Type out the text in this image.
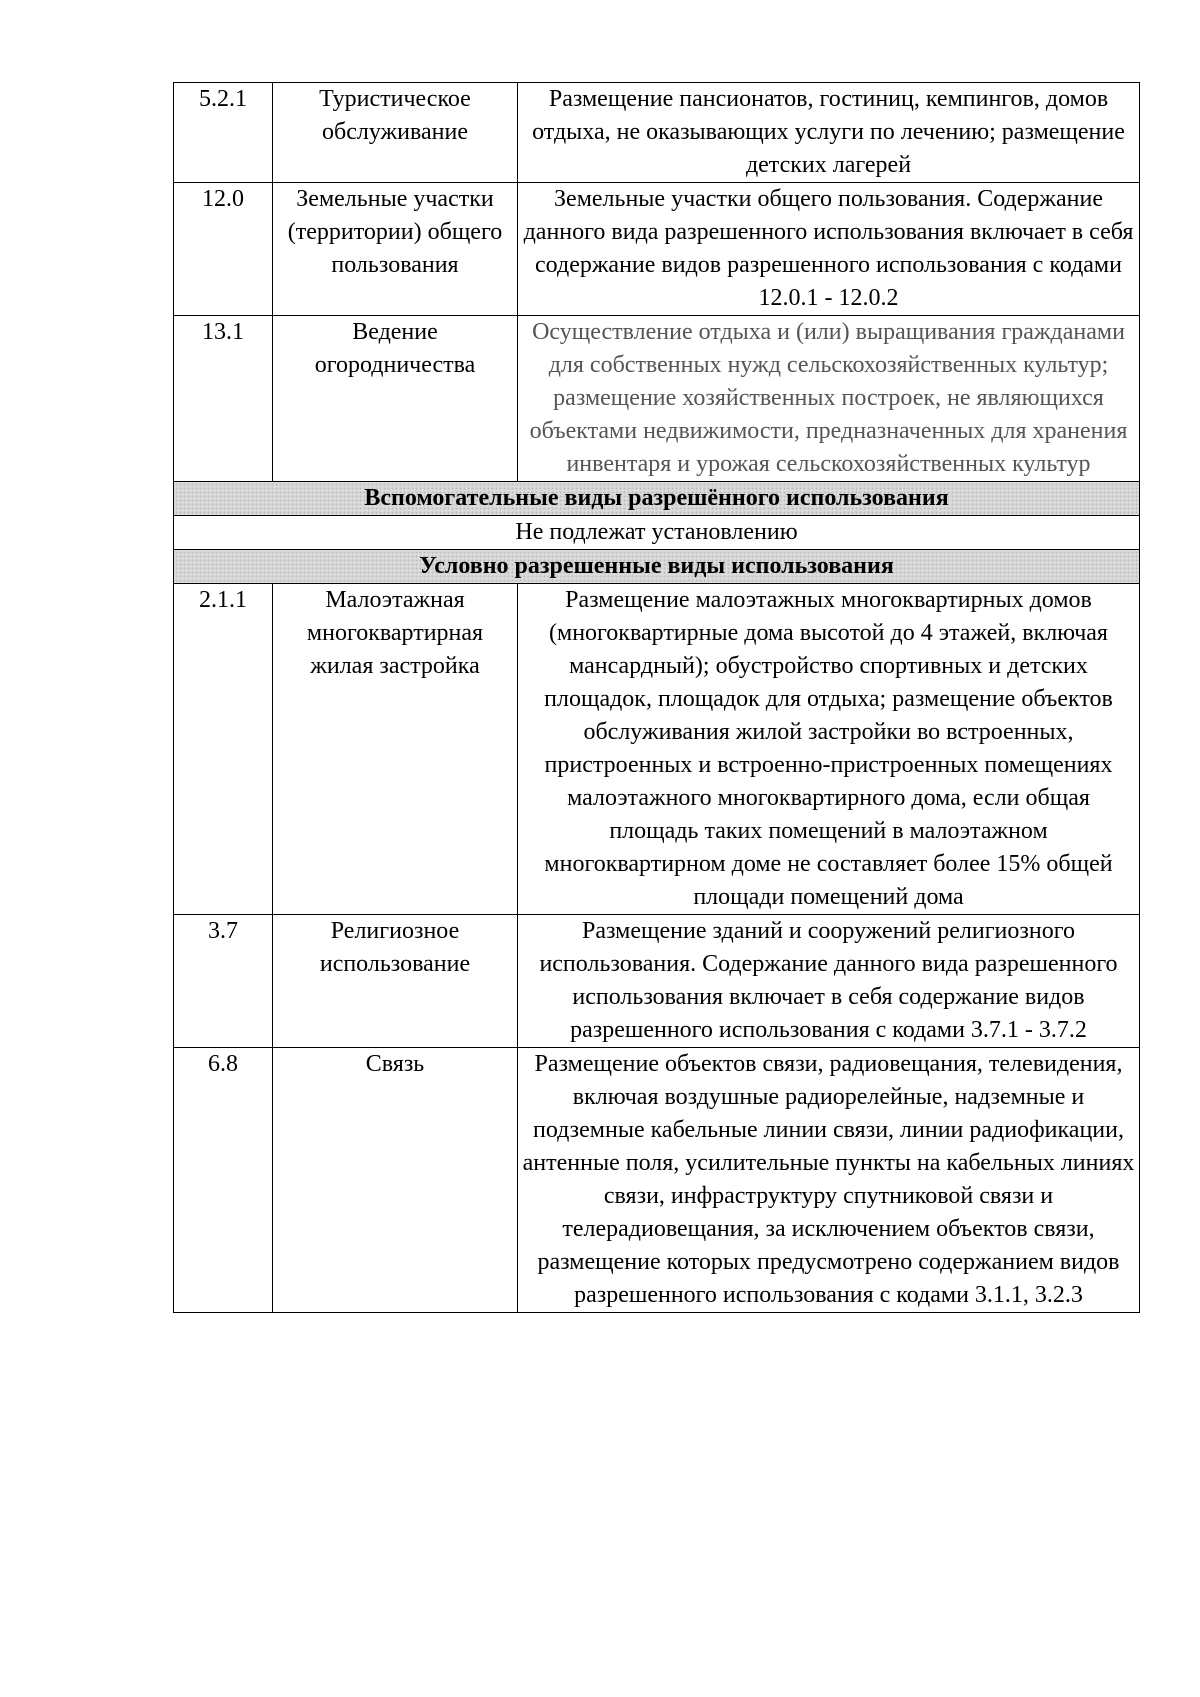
5.2.1	Туристическое обслуживание	Размещение пансионатов, гостиниц, кемпингов, домов отдыха, не оказывающих услуги по лечению; размещение детских лагерей
12.0	Земельные участки (территории) общего пользования	Земельные участки общего пользования. Содержание данного вида разрешенного использования включает в себя содержание видов разрешенного использования с кодами 12.0.1 - 12.0.2
13.1	Ведение огородничества	Осуществление отдыха и (или) выращивания гражданами для собственных нужд сельскохозяйственных культур; размещение хозяйственных построек, не являющихся объектами недвижимости, предназначенных для хранения инвентаря и урожая сельскохозяйственных культур
Вспомогательные виды разрешённого использования		
Не подлежат установлению		
Условно разрешенные виды использования		
2.1.1	Малоэтажная многоквартирная жилая застройка	Размещение малоэтажных многоквартирных домов (многоквартирные дома высотой до 4 этажей, включая мансардный); обустройство спортивных и детских площадок, площадок для отдыха; размещение объектов обслуживания жилой застройки во встроенных, пристроенных и встроенно-пристроенных помещениях малоэтажного многоквартирного дома, если общая площадь таких помещений в малоэтажном многоквартирном доме не составляет более 15% общей площади помещений дома
3.7	Религиозное использование	Размещение зданий и сооружений религиозного использования. Содержание данного вида разрешенного использования включает в себя содержание видов разрешенного использования с кодами 3.7.1 - 3.7.2
6.8	Связь	Размещение объектов связи, радиовещания, телевидения, включая воздушные радиорелейные, надземные и подземные кабельные линии связи, линии радиофикации, антенные поля, усилительные пункты на кабельных линиях связи, инфраструктуру спутниковой связи и телерадиовещания, за исключением объектов связи, размещение которых предусмотрено содержанием видов разрешенного использования с кодами 3.1.1, 3.2.3
